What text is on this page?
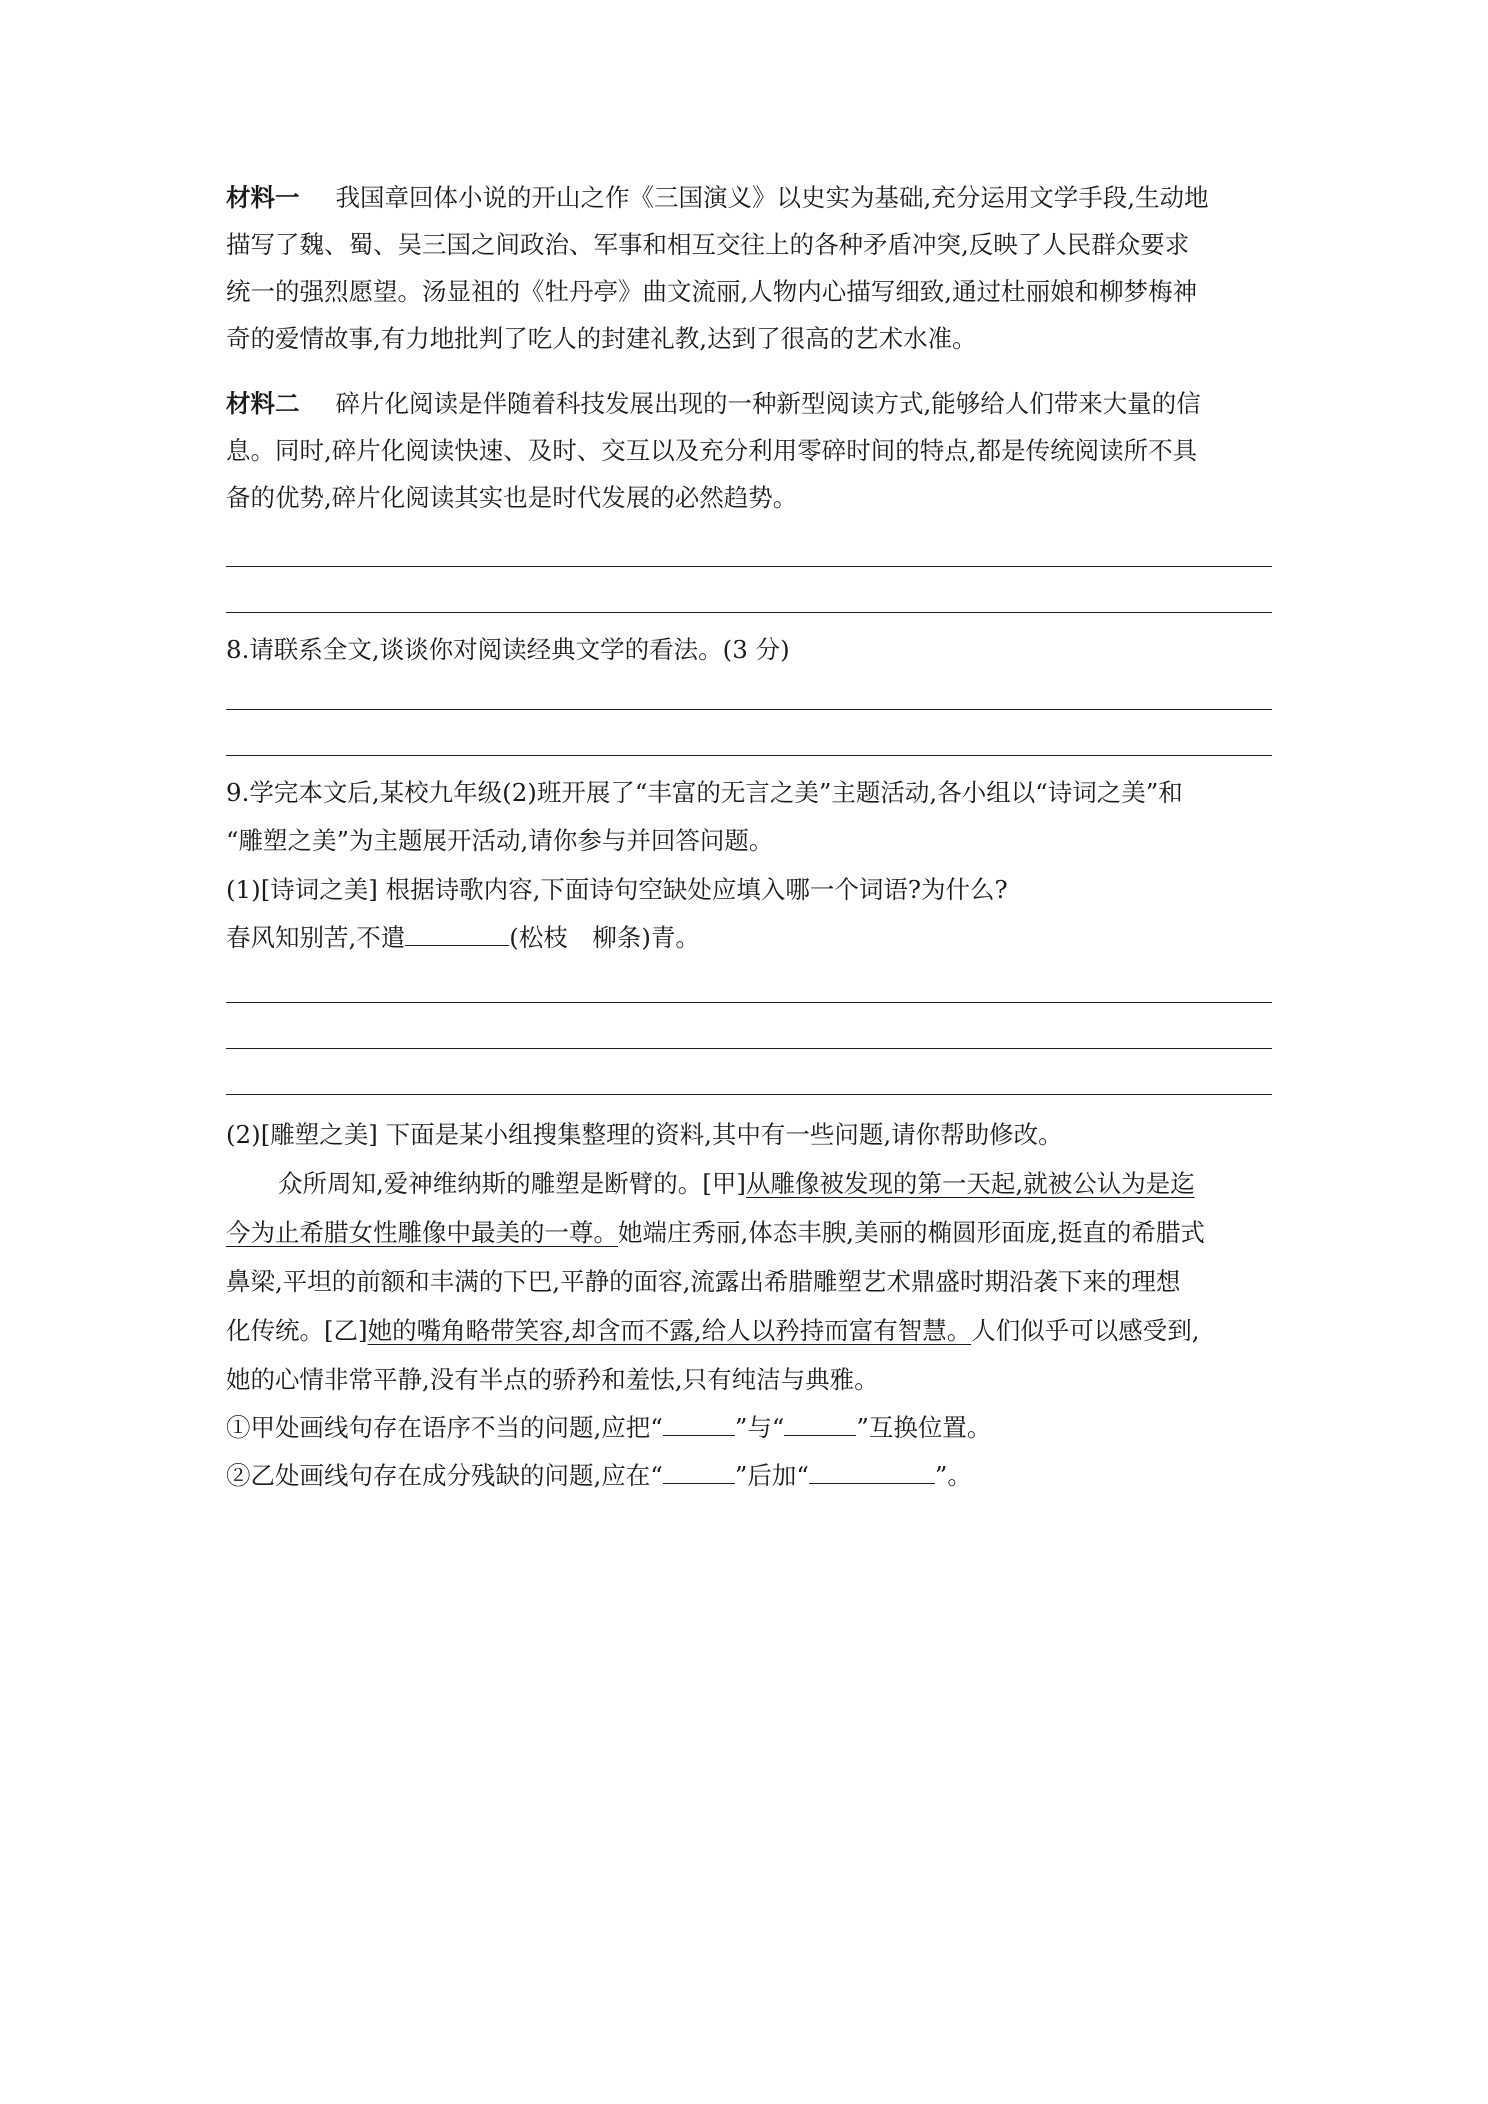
材料一 我国章回体小说的开山之作《三国演义》以史实为基础,充分运用文学手段,生动地
描写了魏、蜀、吴三国之间政治、军事和相互交往上的各种矛盾冲突,反映了人民群众要求
统一的强烈愿望。汤显祖的《牡丹亭》曲文流丽,人物内心描写细致,通过杜丽娘和柳梦梅神
奇的爱情故事,有力地批判了吃人的封建礼教,达到了很高的艺术水准。
材料二 碎片化阅读是伴随着科技发展出现的一种新型阅读方式,能够给人们带来大量的信
息。同时,碎片化阅读快速、及时、交互以及充分利用零碎时间的特点,都是传统阅读所不具
备的优势,碎片化阅读其实也是时代发展的必然趋势。
8.请联系全文,谈谈你对阅读经典文学的看法。(3 分)
9.学完本文后,某校九年级(2)班开展了“丰富的无言之美”主题活动,各小组以“诗词之美”和
“雕塑之美”为主题展开活动,请你参与并回答问题。
(1)[诗词之美] 根据诗歌内容,下面诗句空缺处应填入哪一个词语?为什么?
春风知别苦,不遣	(松枝　柳条)青。
(2)[雕塑之美] 下面是某小组搜集整理的资料,其中有一些问题,请你帮助修改。
众所周知,爱神维纳斯的雕塑是断臂的。[甲]从雕像被发现的第一天起,就被公认为是迄
今为止希腊女性雕像中最美的一尊。她端庄秀丽,体态丰腴,美丽的椭圆形面庞,挺直的希腊式
鼻梁,平坦的前额和丰满的下巴,平静的面容,流露出希腊雕塑艺术鼎盛时期沿袭下来的理想
化传统。[乙]她的嘴角略带笑容,却含而不露,给人以矜持而富有智慧。人们似乎可以感受到,
她的心情非常平静,没有半点的骄矜和羞怯,只有纯洁与典雅。
①甲处画线句存在语序不当的问题,应把“	”与“	”互换位置。
②乙处画线句存在成分残缺的问题,应在“	”后加“	”。
